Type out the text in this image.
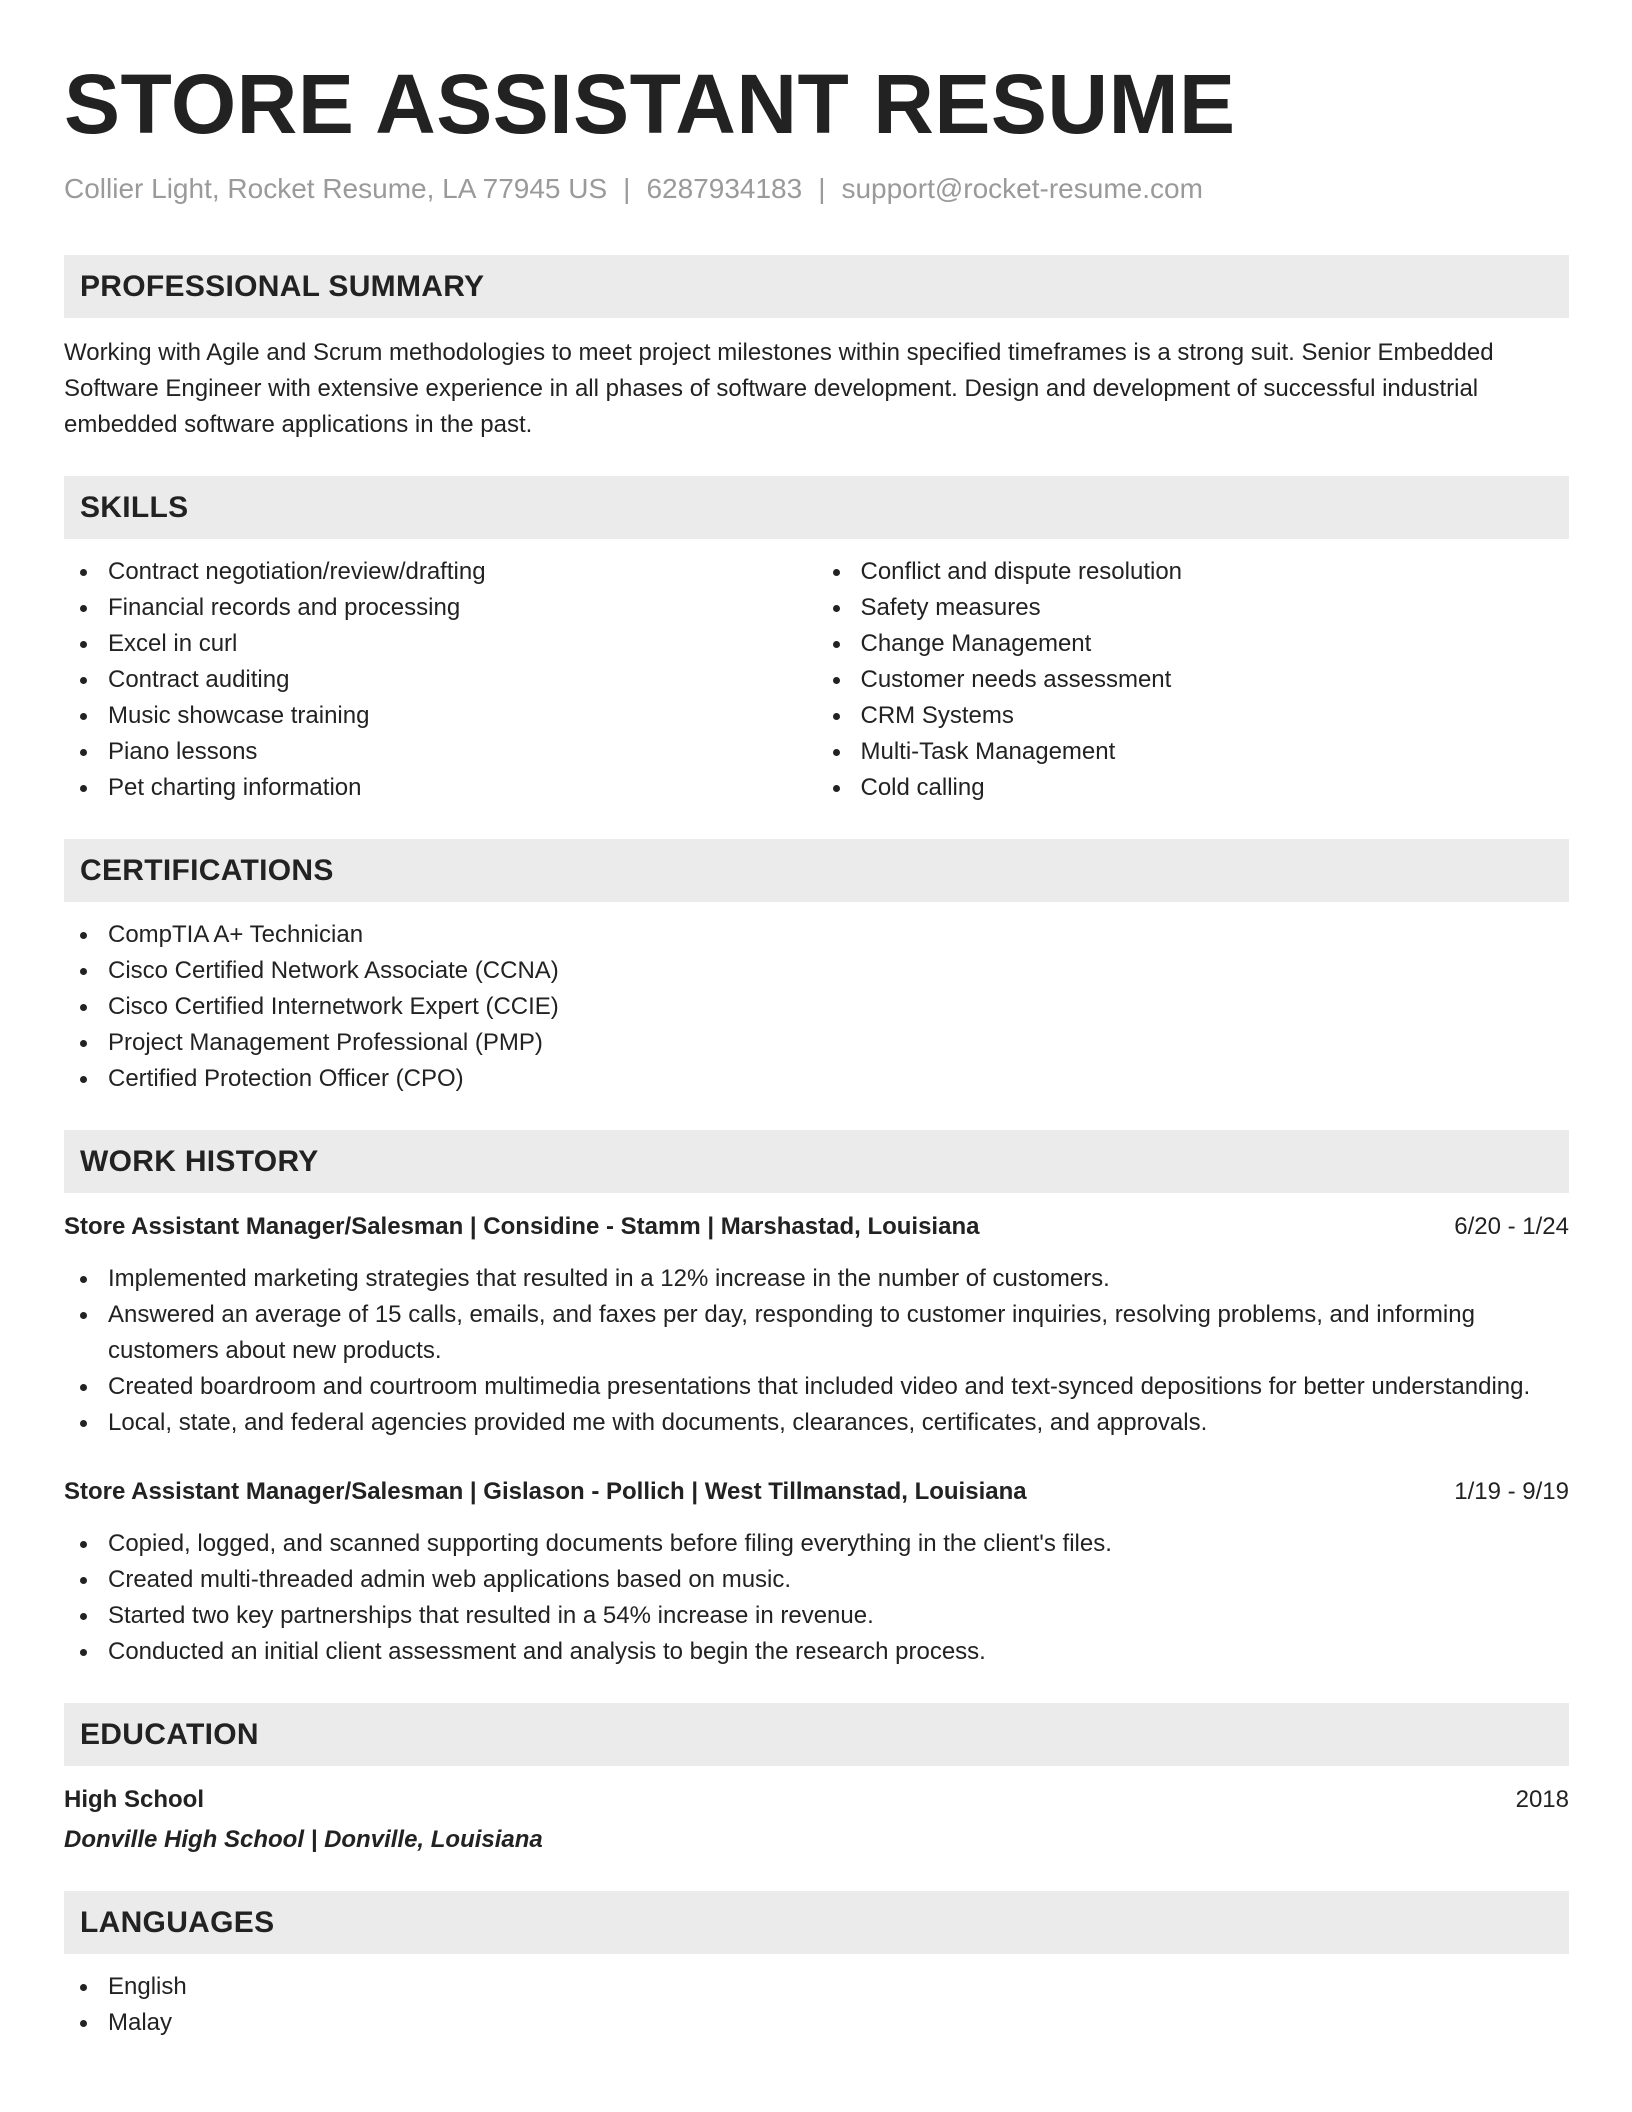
STORE ASSISTANT RESUME
Collier Light, Rocket Resume, LA 77945 US | 6287934183 | support@rocket-resume.com
PROFESSIONAL SUMMARY

Working with Agile and Scrum methodologies to meet project milestones within specified timeframes is a strong suit. Senior Embedded Software Engineer with extensive experience in all phases of software development. Design and development of successful industrial embedded software applications in the past.

SKILLS
Contract negotiation/review/drafting
Financial records and processing
Excel in curl
Contract auditing
Music showcase training
Piano lessons
Pet charting information
Conflict and dispute resolution
Safety measures
Change Management
Customer needs assessment
CRM Systems
Multi-Task Management
Cold calling
CERTIFICATIONS
CompTIA A+ Technician
Cisco Certified Network Associate (CCNA)
Cisco Certified Internetwork Expert (CCIE)
Project Management Professional (PMP)
Certified Protection Officer (CPO)
WORK HISTORY
Store Assistant Manager/Salesman | Considine - Stamm | Marshastad, Louisiana	6/20 - 1/24
Implemented marketing strategies that resulted in a 12% increase in the number of customers.
Answered an average of 15 calls, emails, and faxes per day, responding to customer inquiries, resolving problems, and informing customers about new products.
Created boardroom and courtroom multimedia presentations that included video and text-synced depositions for better understanding.
Local, state, and federal agencies provided me with documents, clearances, certificates, and approvals.
Store Assistant Manager/Salesman | Gislason - Pollich | West Tillmanstad, Louisiana	1/19 - 9/19
Copied, logged, and scanned supporting documents before filing everything in the client's files.
Created multi-threaded admin web applications based on music.
Started two key partnerships that resulted in a 54% increase in revenue.
Conducted an initial client assessment and analysis to begin the research process.
EDUCATION
High School	2018
Donville High School | Donville, Louisiana
LANGUAGES
English
Malay
